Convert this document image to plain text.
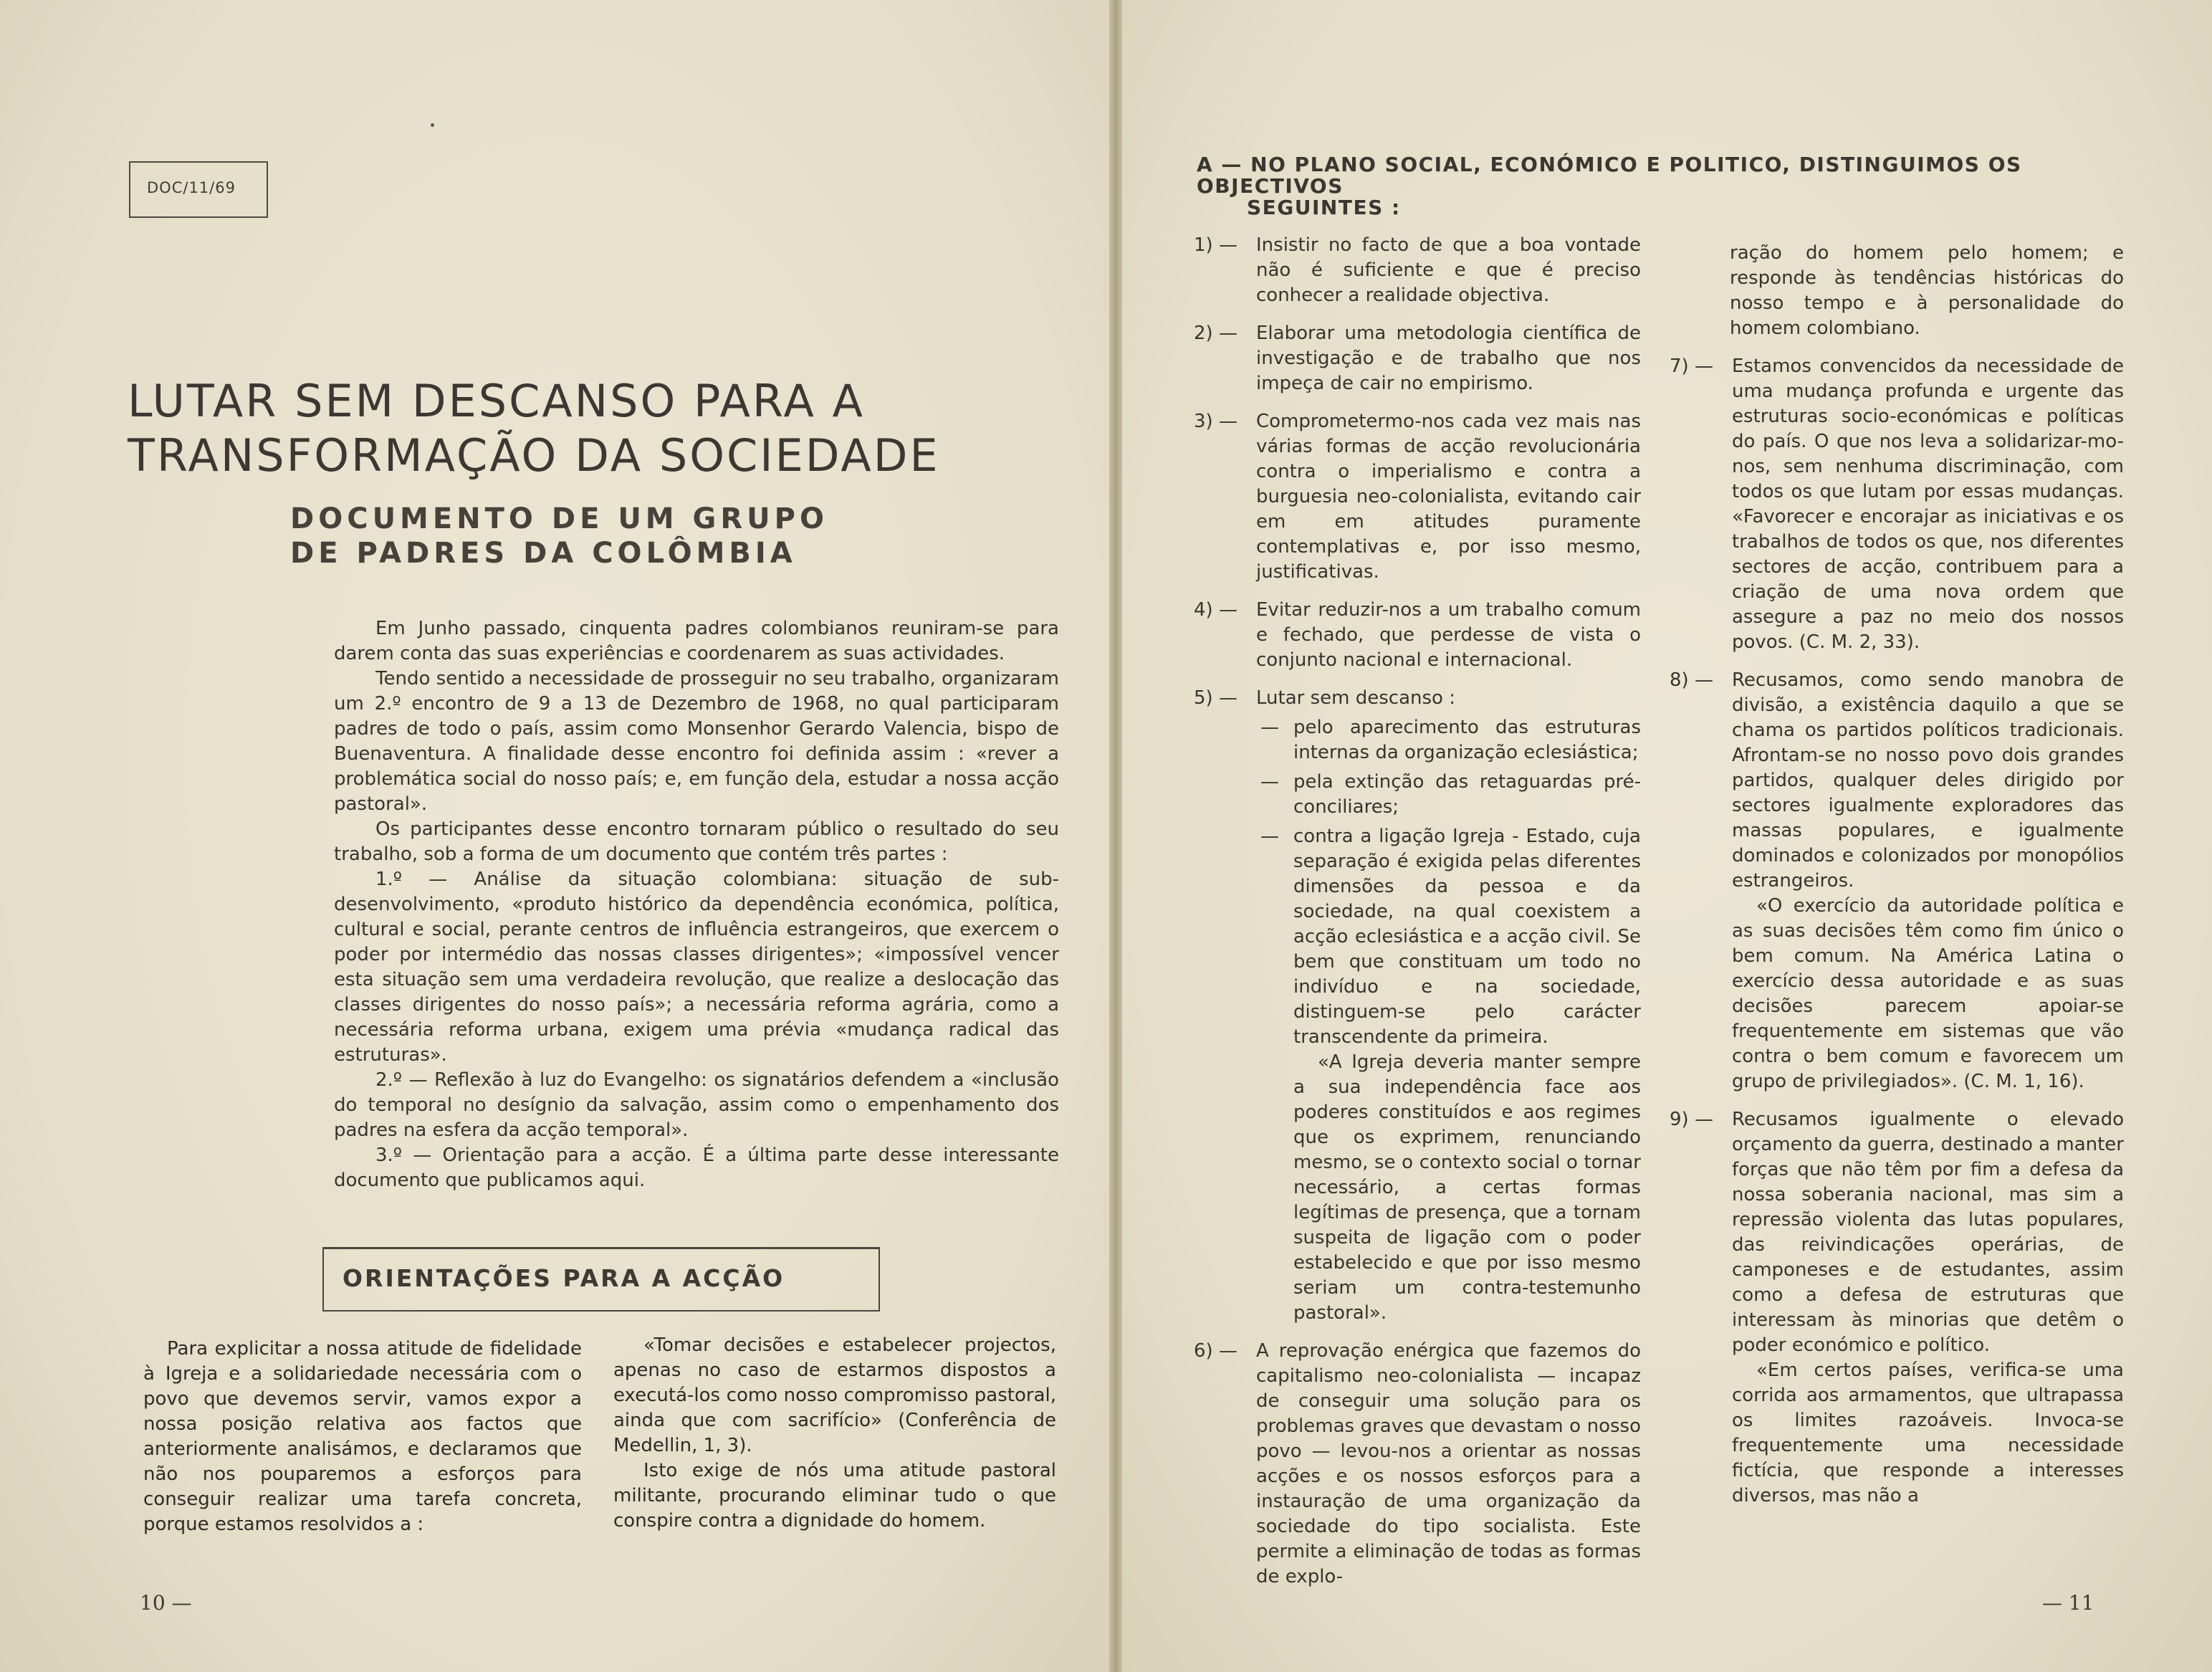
DOC/11/69
LUTAR SEM DESCANSO PARA A
TRANSFORMAÇÃO DA SOCIEDADE
DOCUMENTO DE UM GRUPO
DE PADRES DA COLÔMBIA

Em Junho passado, cinquenta padres colombianos reuniram-se para darem conta das suas experiências e coordenarem as suas actividades.

Tendo sentido a necessidade de prosseguir no seu trabalho, organizaram um 2.º encontro de 9 a 13 de Dezembro de 1968, no qual participaram padres de todo o país, assim como Monsenhor Gerardo Valencia, bispo de Buenaventura. A finalidade desse encontro foi definida assim : «rever a problemática social do nosso país; e, em função dela, estudar a nossa acção pastoral».

Os participantes desse encontro tornaram público o resultado do seu trabalho, sob a forma de um documento que contém três partes :

1.º — Análise da situação colombiana: situação de sub-desenvolvimento, «produto histórico da dependência económica, política, cultural e social, perante centros de influência estrangeiros, que exercem o poder por intermédio das nossas classes dirigentes»; «impossível vencer esta situação sem uma verdadeira revolução, que realize a deslocação das classes dirigentes do nosso país»; a necessária reforma agrária, como a necessária reforma urbana, exigem uma prévia «mudança radical das estruturas».

2.º — Reflexão à luz do Evangelho: os signatários defendem a «inclusão do temporal no desígnio da salvação, assim como o empenhamento dos padres na esfera da acção temporal».

3.º — Orientação para a acção. É a última parte desse interessante documento que publicamos aqui.

ORIENTAÇÕES PARA A ACÇÃO

Para explicitar a nossa atitude de fidelidade à Igreja e a solidariedade necessária com o povo que devemos servir, vamos expor a nossa posição relativa aos factos que anteriormente analisámos, e declaramos que não nos pouparemos a esforços para conseguir realizar uma tarefa concreta, porque estamos resolvidos a :

«Tomar decisões e estabelecer projectos, apenas no caso de estarmos dispostos a executá-los como nosso compromisso pastoral, ainda que com sacrifício» (Conferência de Medellin, 1, 3).

Isto exige de nós uma atitude pastoral militante, procurando eliminar tudo o que conspire contra a dignidade do homem.

10 —
A — NO PLANO SOCIAL, ECONÓMICO E POLITICO, DISTINGUIMOS OS OBJECTIVOS
SEGUINTES :
1) —	Insistir no facto de que a boa vontade não é suficiente e que é preciso conhecer a realidade objectiva.
2) —	Elaborar uma metodologia científica de investigação e de trabalho que nos impeça de cair no empirismo.
3) —	Comprometermo-nos cada vez mais nas várias formas de acção revolucionária contra o imperialismo e contra a burguesia neo-colonialista, evitando cair em em atitudes puramente contemplativas e, por isso mesmo, justificativas.
4) —	Evitar reduzir-nos a um trabalho comum e fechado, que perdesse de vista o conjunto nacional e internacional.
5) —	Lutar sem descanso :
— pelo aparecimento das estruturas internas da organização eclesiástica;

— pela extinção das retaguardas pré-conciliares;

— contra a ligação Igreja - Estado, cuja separação é exigida pelas diferentes dimensões da pessoa e da sociedade, na qual coexistem a acção eclesiástica e a acção civil. Se bem que constituam um todo no indivíduo e na sociedade, distinguem-se pelo carácter transcendente da primeira.

«A Igreja deveria manter sempre a sua independência face aos poderes constituídos e aos regimes que os exprimem, renunciando mesmo, se o contexto social o tornar necessário, a certas formas legítimas de presença, que a tornam suspeita de ligação com o poder estabelecido e que por isso mesmo seriam um contra-testemunho pastoral».

6) —	A reprovação enérgica que fazemos do capitalismo neo-colonialista — incapaz de conseguir uma solução para os problemas graves que devastam o nosso povo — levou-nos a orientar as nossas acções e os nossos esforços para a instauração de uma organização da sociedade do tipo socialista. Este permite a eliminação de todas as formas de explo-

ração do homem pelo homem; e responde às tendências históricas do nosso tempo e à personalidade do homem colombiano.

7) —	Estamos convencidos da necessidade de uma mudança profunda e urgente das estruturas socio-económicas e políticas do país. O que nos leva a solidarizar-mo-nos, sem nenhuma discriminação, com todos os que lutam por essas mudanças. «Favorecer e encorajar as iniciativas e os trabalhos de todos os que, nos diferentes sectores de acção, contribuem para a criação de uma nova ordem que assegure a paz no meio dos nossos povos. (C. M. 2, 33).
8) —	Recusamos, como sendo manobra de divisão, a existência daquilo a que se chama os partidos políticos tradicionais. Afrontam-se no nosso povo dois grandes partidos, qualquer deles dirigido por sectores igualmente exploradores das massas populares, e igualmente dominados e colonizados por monopólios estrangeiros.

«O exercício da autoridade política e as suas decisões têm como fim único o bem comum. Na América Latina o exercício dessa autoridade e as suas decisões parecem apoiar-se frequentemente em sistemas que vão contra o bem comum e favorecem um grupo de privilegiados». (C. M. 1, 16).

9) —	Recusamos igualmente o elevado orçamento da guerra, destinado a manter forças que não têm por fim a defesa da nossa soberania nacional, mas sim a repressão violenta das lutas populares, das reivindicações operárias, de camponeses e de estudantes, assim como a defesa de estruturas que interessam às minorias que detêm o poder económico e político.

«Em certos países, verifica-se uma corrida aos armamentos, que ultrapassa os limites razoáveis. Invoca-se frequentemente uma necessidade fictícia, que responde a interesses diversos, mas não a

— 11
